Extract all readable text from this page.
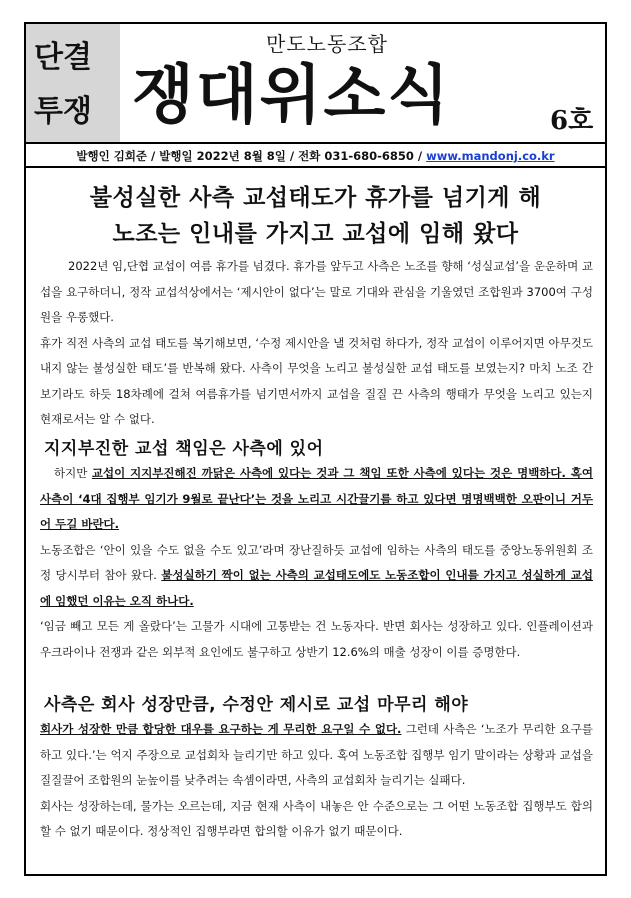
단결
투쟁
만도노동조합
쟁대위소식	6호
발행인 김희준 / 발행일 2022년 8월 8일 / 전화 031-680-6850 / www.mandonj.co.kr
불성실한 사측 교섭태도가 휴가를 넘기게 해
노조는 인내를 가지고 교섭에 임해 왔다

2022년 임,단협 교섭이 여름 휴가를 넘겼다. 휴가를 앞두고 사측은 노조를 향해 ‘성실교섭’을 운운하며 교섭을 요구하더니, 정작 교섭석상에서는 ‘제시안이 없다’는 말로 기대와 관심을 기울였던 조합원과 3700여 구성원을 우롱했다.

휴가 직전 사측의 교섭 태도를 복기해보면, ‘수정 제시안을 낼 것처럼 하다가, 정작 교섭이 이루어지면 아무것도 내지 않는 불성실한 태도’를 반복해 왔다. 사측이 무엇을 노리고 불성실한 교섭 태도를 보였는지? 마치 노조 간 보기라도 하듯 18차례에 걸쳐 여름휴가를 넘기면서까지 교섭을 질질 끈 사측의 행태가 무엇을 노리고 있는지 현재로서는 알 수 없다.

지지부진한 교섭 책임은 사측에 있어

하지만 교섭이 지지부진해진 까닭은 사측에 있다는 것과 그 책임 또한 사측에 있다는 것은 명백하다. 혹여 사측이 ‘4대 집행부 임기가 9월로 끝난다’는 것을 노리고 시간끌기를 하고 있다면 명명백백한 오판이니 거두어 두길 바란다.

노동조합은 ‘안이 있을 수도 없을 수도 있고’라며 장난질하듯 교섭에 임하는 사측의 태도를 중앙노동위원회 조정 당시부터 참아 왔다. 불성실하기 짝이 없는 사측의 교섭태도에도 노동조합이 인내를 가지고 성실하게 교섭에 임했던 이유는 오직 하나다.

‘임금 빼고 모든 게 올랐다’는 고물가 시대에 고통받는 건 노동자다. 반면 회사는 성장하고 있다. 인플레이션과 우크라이나 전쟁과 같은 외부적 요인에도 불구하고 상반기 12.6%의 매출 성장이 이를 증명한다.

사측은 회사 성장만큼, 수정안 제시로 교섭 마무리 해야

회사가 성장한 만큼 합당한 대우를 요구하는 게 무리한 요구일 수 없다. 그런데 사측은 ‘노조가 무리한 요구를 하고 있다.’는 억지 주장으로 교섭회차 늘리기만 하고 있다. 혹여 노동조합 집행부 임기 말이라는 상황과 교섭을 질질끌어 조합원의 눈높이를 낮추려는 속셈이라면, 사측의 교섭회차 늘리기는 실패다.

회사는 성장하는데, 물가는 오르는데, 지금 현재 사측이 내놓은 안 수준으로는 그 어떤 노동조합 집행부도 합의할 수 없기 때문이다. 정상적인 집행부라면 합의할 이유가 없기 때문이다.
